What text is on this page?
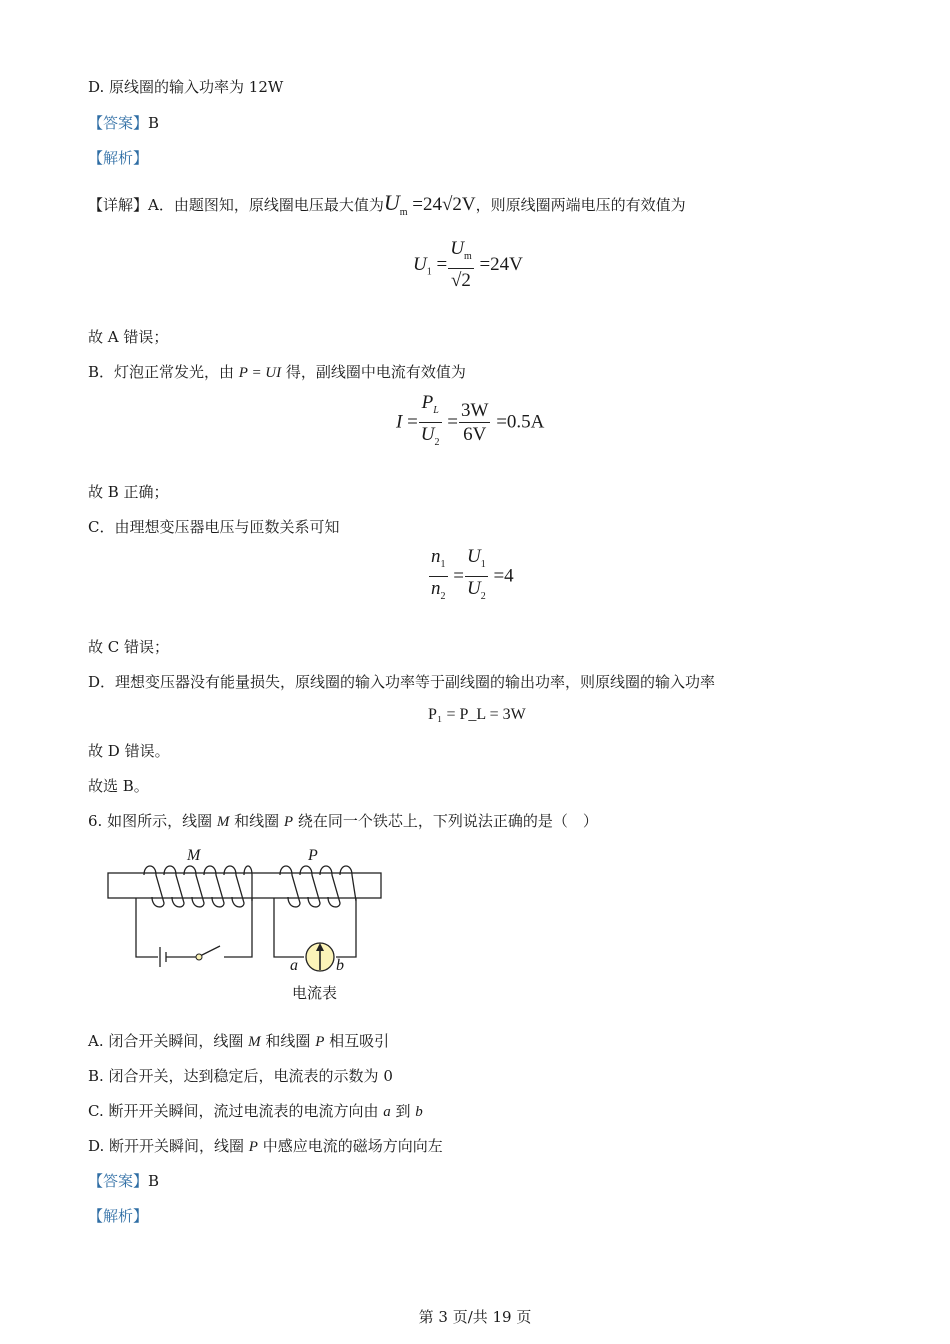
D. 原线圈的输入功率为 12W
【答案】B
【解析】
【详解】A．由题图知，原线圈电压最大值为$U_m =24√2V$，则原线圈两端电压的有效值为
$U_1 = \frac{U_m}{√2} =24V$
故 A 错误；
B．灯泡正常发光，由 P = UI 得，副线圈中电流有效值为
$I = \frac{P_L}{U_2} = \frac{3W}{6V} =0.5A$
故 B 正确；
C．由理想变压器电压与匝数关系可知
$\frac{n_1}{n_2} = \frac{U_1}{U_2} =4$
故 C 错误；
D．理想变压器没有能量损失，原线圈的输入功率等于副线圈的输出功率，则原线圈的输入功率
P₁ = P_L = 3W
故 D 错误。
故选 B。
6. 如图所示，线圈 M 和线圈 P 绕在同一个铁芯上，下列说法正确的是（　）
M	P
a b
电流表
A. 闭合开关瞬间，线圈 M 和线圈 P 相互吸引
B. 闭合开关，达到稳定后，电流表的示数为 0
C. 断开开关瞬间，流过电流表的电流方向由 a 到 b
D. 断开开关瞬间，线圈 P 中感应电流的磁场方向向左
【答案】B
【解析】
第 3 页/共 19 页
